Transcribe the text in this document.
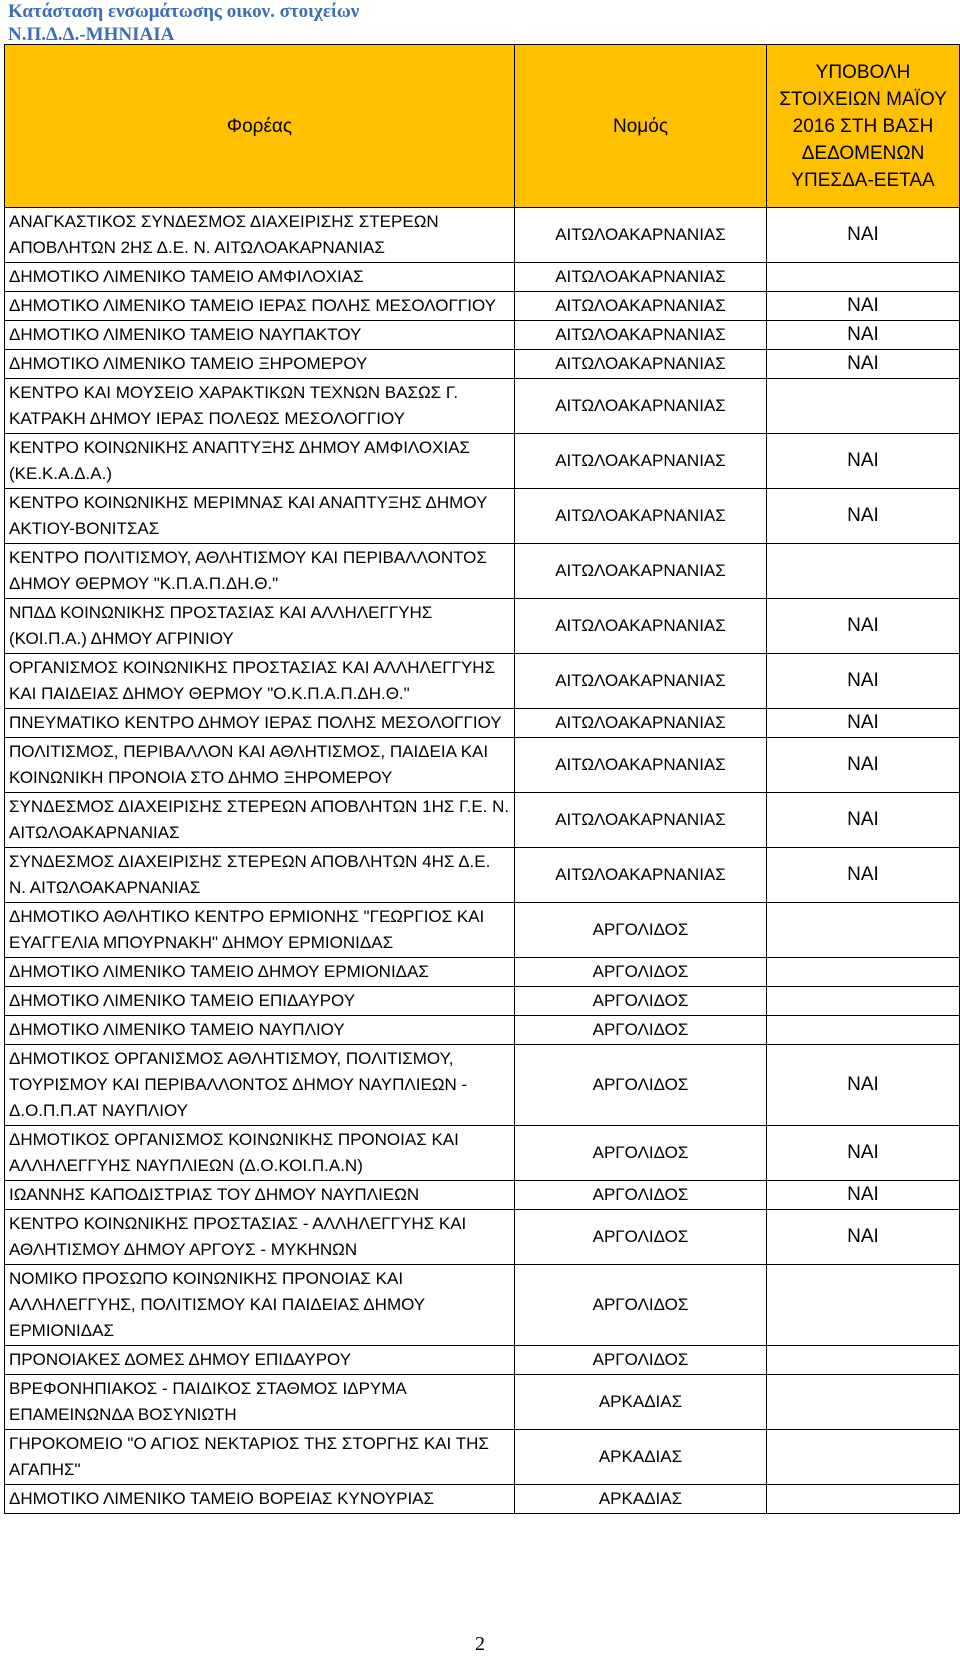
Κατάσταση ενσωμάτωσης οικον. στοιχείων
Ν.Π.Δ.Δ.-ΜΗΝΙΑΙΑ
Φορέας	Νομός	ΥΠΟΒΟΛΗ ΣΤΟΙΧΕΙΩΝ ΜΑΪΟΥ 2016 ΣΤΗ ΒΑΣΗ ΔΕΔΟΜΕΝΩΝ ΥΠΕΣΔΑ-ΕΕΤΑΑ
ΑΝΑΓΚΑΣΤΙΚΟΣ ΣΥΝΔΕΣΜΟΣ ΔΙΑΧΕΙΡΙΣΗΣ ΣΤΕΡΕΩΝ ΑΠΟΒΛΗΤΩΝ 2ΗΣ Δ.Ε. Ν. ΑΙΤΩΛΟΑΚΑΡΝΑΝΙΑΣ	ΑΙΤΩΛΟΑΚΑΡΝΑΝΙΑΣ	ΝΑΙ
ΔΗΜΟΤΙΚΟ ΛΙΜΕΝΙΚΟ ΤΑΜΕΙΟ ΑΜΦΙΛΟΧΙΑΣ	ΑΙΤΩΛΟΑΚΑΡΝΑΝΙΑΣ	
ΔΗΜΟΤΙΚΟ ΛΙΜΕΝΙΚΟ ΤΑΜΕΙΟ ΙΕΡΑΣ ΠΟΛΗΣ ΜΕΣΟΛΟΓΓΙΟΥ	ΑΙΤΩΛΟΑΚΑΡΝΑΝΙΑΣ	ΝΑΙ
ΔΗΜΟΤΙΚΟ ΛΙΜΕΝΙΚΟ ΤΑΜΕΙΟ ΝΑΥΠΑΚΤΟΥ	ΑΙΤΩΛΟΑΚΑΡΝΑΝΙΑΣ	ΝΑΙ
ΔΗΜΟΤΙΚΟ ΛΙΜΕΝΙΚΟ ΤΑΜΕΙΟ ΞΗΡΟΜΕΡΟΥ	ΑΙΤΩΛΟΑΚΑΡΝΑΝΙΑΣ	ΝΑΙ
ΚΕΝΤΡΟ ΚΑΙ ΜΟΥΣΕΙΟ ΧΑΡΑΚΤΙΚΩΝ ΤΕΧΝΩΝ ΒΑΣΩΣ Γ. ΚΑΤΡΑΚΗ ΔΗΜΟΥ ΙΕΡΑΣ ΠΟΛΕΩΣ ΜΕΣΟΛΟΓΓΙΟΥ	ΑΙΤΩΛΟΑΚΑΡΝΑΝΙΑΣ	
ΚΕΝΤΡΟ ΚΟΙΝΩΝΙΚΗΣ ΑΝΑΠΤΥΞΗΣ ΔΗΜΟΥ ΑΜΦΙΛΟΧΙΑΣ (ΚΕ.Κ.Α.Δ.Α.)	ΑΙΤΩΛΟΑΚΑΡΝΑΝΙΑΣ	ΝΑΙ
ΚΕΝΤΡΟ ΚΟΙΝΩΝΙΚΗΣ ΜΕΡΙΜΝΑΣ ΚΑΙ ΑΝΑΠΤΥΞΗΣ ΔΗΜΟΥ ΑΚΤΙΟΥ-ΒΟΝΙΤΣΑΣ	ΑΙΤΩΛΟΑΚΑΡΝΑΝΙΑΣ	ΝΑΙ
ΚΕΝΤΡΟ ΠΟΛΙΤΙΣΜΟΥ, ΑΘΛΗΤΙΣΜΟΥ ΚΑΙ ΠΕΡΙΒΑΛΛΟΝΤΟΣ ΔΗΜΟΥ ΘΕΡΜΟΥ "Κ.Π.Α.Π.ΔΗ.Θ."	ΑΙΤΩΛΟΑΚΑΡΝΑΝΙΑΣ	
ΝΠΔΔ ΚΟΙΝΩΝΙΚΗΣ ΠΡΟΣΤΑΣΙΑΣ ΚΑΙ ΑΛΛΗΛΕΓΓΥΗΣ (ΚΟΙ.Π.Α.) ΔΗΜΟΥ ΑΓΡΙΝΙΟΥ	ΑΙΤΩΛΟΑΚΑΡΝΑΝΙΑΣ	ΝΑΙ
ΟΡΓΑΝΙΣΜΟΣ ΚΟΙΝΩΝΙΚΗΣ ΠΡΟΣΤΑΣΙΑΣ ΚΑΙ ΑΛΛΗΛΕΓΓΥΗΣ ΚΑΙ ΠΑΙΔΕΙΑΣ ΔΗΜΟΥ ΘΕΡΜΟΥ "Ο.Κ.Π.Α.Π.ΔΗ.Θ."	ΑΙΤΩΛΟΑΚΑΡΝΑΝΙΑΣ	ΝΑΙ
ΠΝΕΥΜΑΤΙΚΟ ΚΕΝΤΡΟ ΔΗΜΟΥ ΙΕΡΑΣ ΠΟΛΗΣ ΜΕΣΟΛΟΓΓΙΟΥ	ΑΙΤΩΛΟΑΚΑΡΝΑΝΙΑΣ	ΝΑΙ
ΠΟΛΙΤΙΣΜΟΣ, ΠΕΡΙΒΑΛΛΟΝ ΚΑΙ ΑΘΛΗΤΙΣΜΟΣ, ΠΑΙΔΕΙΑ ΚΑΙ ΚΟΙΝΩΝΙΚΗ ΠΡΟΝΟΙΑ ΣΤΟ ΔΗΜΟ ΞΗΡΟΜΕΡΟΥ	ΑΙΤΩΛΟΑΚΑΡΝΑΝΙΑΣ	ΝΑΙ
ΣΥΝΔΕΣΜΟΣ ΔΙΑΧΕΙΡΙΣΗΣ ΣΤΕΡΕΩΝ ΑΠΟΒΛΗΤΩΝ 1ΗΣ Γ.Ε. Ν. ΑΙΤΩΛΟΑΚΑΡΝΑΝΙΑΣ	ΑΙΤΩΛΟΑΚΑΡΝΑΝΙΑΣ	ΝΑΙ
ΣΥΝΔΕΣΜΟΣ ΔΙΑΧΕΙΡΙΣΗΣ ΣΤΕΡΕΩΝ ΑΠΟΒΛΗΤΩΝ 4ΗΣ Δ.Ε. Ν. ΑΙΤΩΛΟΑΚΑΡΝΑΝΙΑΣ	ΑΙΤΩΛΟΑΚΑΡΝΑΝΙΑΣ	ΝΑΙ
ΔΗΜΟΤΙΚΟ ΑΘΛΗΤΙΚΟ ΚΕΝΤΡΟ ΕΡΜΙΟΝΗΣ "ΓΕΩΡΓΙΟΣ ΚΑΙ ΕΥΑΓΓΕΛΙΑ ΜΠΟΥΡΝΑΚΗ" ΔΗΜΟΥ ΕΡΜΙΟΝΙΔΑΣ	ΑΡΓΟΛΙΔΟΣ	
ΔΗΜΟΤΙΚΟ ΛΙΜΕΝΙΚΟ ΤΑΜΕΙΟ ΔΗΜΟΥ ΕΡΜΙΟΝΙΔΑΣ	ΑΡΓΟΛΙΔΟΣ	
ΔΗΜΟΤΙΚΟ ΛΙΜΕΝΙΚΟ ΤΑΜΕΙΟ ΕΠΙΔΑΥΡΟΥ	ΑΡΓΟΛΙΔΟΣ	
ΔΗΜΟΤΙΚΟ ΛΙΜΕΝΙΚΟ ΤΑΜΕΙΟ ΝΑΥΠΛΙΟΥ	ΑΡΓΟΛΙΔΟΣ	
ΔΗΜΟΤΙΚΟΣ ΟΡΓΑΝΙΣΜΟΣ ΑΘΛΗΤΙΣΜΟΥ, ΠΟΛΙΤΙΣΜΟΥ, ΤΟΥΡΙΣΜΟΥ ΚΑΙ ΠΕΡΙΒΑΛΛΟΝΤΟΣ ΔΗΜΟΥ ΝΑΥΠΛΙΕΩΝ - Δ.Ο.Π.Π.ΑΤ ΝΑΥΠΛΙΟΥ	ΑΡΓΟΛΙΔΟΣ	ΝΑΙ
ΔΗΜΟΤΙΚΟΣ ΟΡΓΑΝΙΣΜΟΣ ΚΟΙΝΩΝΙΚΗΣ ΠΡΟΝΟΙΑΣ ΚΑΙ ΑΛΛΗΛΕΓΓΥΗΣ ΝΑΥΠΛΙΕΩΝ (Δ.Ο.ΚΟΙ.Π.Α.Ν)	ΑΡΓΟΛΙΔΟΣ	ΝΑΙ
ΙΩΑΝΝΗΣ ΚΑΠΟΔΙΣΤΡΙΑΣ ΤΟΥ ΔΗΜΟΥ ΝΑΥΠΛΙΕΩΝ	ΑΡΓΟΛΙΔΟΣ	ΝΑΙ
ΚΕΝΤΡΟ ΚΟΙΝΩΝΙΚΗΣ ΠΡΟΣΤΑΣΙΑΣ - ΑΛΛΗΛΕΓΓΥΗΣ ΚΑΙ ΑΘΛΗΤΙΣΜΟΥ ΔΗΜΟΥ ΑΡΓΟΥΣ - ΜΥΚΗΝΩΝ	ΑΡΓΟΛΙΔΟΣ	ΝΑΙ
ΝΟΜΙΚΟ ΠΡΟΣΩΠΟ ΚΟΙΝΩΝΙΚΗΣ ΠΡΟΝΟΙΑΣ ΚΑΙ ΑΛΛΗΛΕΓΓΥΗΣ, ΠΟΛΙΤΙΣΜΟΥ ΚΑΙ ΠΑΙΔΕΙΑΣ ΔΗΜΟΥ ΕΡΜΙΟΝΙΔΑΣ	ΑΡΓΟΛΙΔΟΣ	
ΠΡΟΝΟΙΑΚΕΣ ΔΟΜΕΣ ΔΗΜΟΥ ΕΠΙΔΑΥΡΟΥ	ΑΡΓΟΛΙΔΟΣ	
ΒΡΕΦΟΝΗΠΙΑΚΟΣ - ΠΑΙΔΙΚΟΣ ΣΤΑΘΜΟΣ ΙΔΡΥΜΑ ΕΠΑΜΕΙΝΩΝΔΑ ΒΟΣΥΝΙΩΤΗ	ΑΡΚΑΔΙΑΣ	
ΓΗΡΟΚΟΜΕΙΟ "Ο ΑΓΙΟΣ ΝΕΚΤΑΡΙΟΣ ΤΗΣ ΣΤΟΡΓΗΣ ΚΑΙ ΤΗΣ ΑΓΑΠΗΣ"	ΑΡΚΑΔΙΑΣ	
ΔΗΜΟΤΙΚΟ ΛΙΜΕΝΙΚΟ ΤΑΜΕΙΟ ΒΟΡΕΙΑΣ ΚΥΝΟΥΡΙΑΣ	ΑΡΚΑΔΙΑΣ	
2
